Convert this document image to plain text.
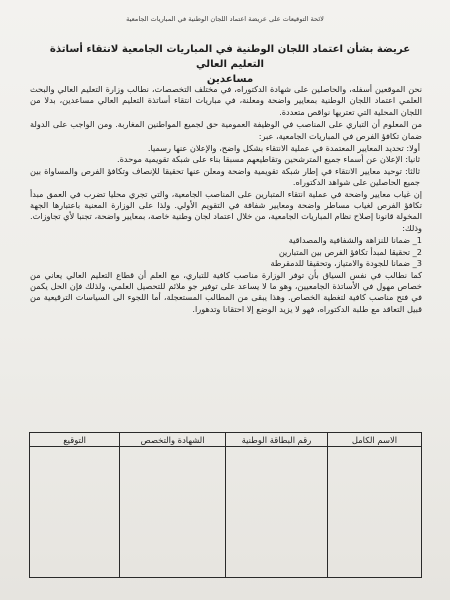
لائحة التوقيعات على عريضة اعتماد اللجان الوطنية في المباريات الجامعية
عريضة بشأن اعتماد اللجان الوطنية في المباريات الجامعية لانتقاء أساتذة التعليم العالي
مساعدين

نحن الموقعين أسفله، والحاصلين على شهادة الدكتوراه، في مختلف التخصصات، نطالب وزارة التعليم العالي والبحث العلمي اعتماد اللجان الوطنية بمعايير واضحة ومعلنة، في مباريات انتقاء أساتذة التعليم العالي مساعدين، بدلا من اللجان المحلية التي تعتريها نواقص متعددة.

من المعلوم أن التباري على المناصب في الوظيفة العمومية حق لجميع المواطنين المغاربة. ومن الواجب على الدولة ضمان تكافؤ الفرص في المباريات الجامعية، عبر:

أولا: تحديد المعايير المعتمدة في عملية الانتقاء بشكل واضح، والإعلان عنها رسميا.

ثانيا: الإعلان عن أسماء جميع المترشحين وتقاطيعهم مسبقا بناء على شبكة تقويمية موحدة.

ثالثا: توحيد معايير الانتقاء في إطار شبكة تقويمية واضحة ومعلن عنها تحقيقا للإنصاف وتكافؤ الفرص والمساواة بين جميع الحاصلين على شواهد الدكتوراه.

إن غياب معايير واضحة في عملية انتقاء المتبارين على المناصب الجامعية، والتي تجري محليا تضرب في العمق مبدأ تكافؤ الفرص لغياب مساطر واضحة ومعايير شفافة في التقويم الأولي. ولذا على الوزارة المعنية باعتبارها الجهة المخولة قانونا إصلاح نظام المباريات الجامعية، من خلال اعتماد لجان وطنية خاصة، بمعايير واضحة، تجنبا لأي تجاوزات. وذلك:

1_ ضمانا للنزاهة والشفافية والمصداقية

2_ تحقيقا لمبدأ تكافؤ الفرص بين المتبارين

3_ ضمانا للجودة والامتياز، وتحقيقا للدمقرطة

كما نطالب في نفس السياق بأن توفر الوزارة مناصب كافية للتباري، مع العلم أن قطاع التعليم العالي يعاني من خصاص مهول في الأساتذة الجامعيين، وهو ما لا يساعد على توفير جو ملائم للتحصيل العلمي، ولذلك فإن الحل يكمن في فتح مناصب كافية لتغطية الخصاص. وهذا يبقى من المطالب المستعجلة، أما اللجوء الى السياسات الترقيعية من قبيل التعاقد مع طلبة الدكتوراه، فهو لا يزيد الوضع إلا احتقانا وتدهورا.

الاسم الكامل	رقم البطاقة الوطنية	الشهادة والتخصص	التوقيع
